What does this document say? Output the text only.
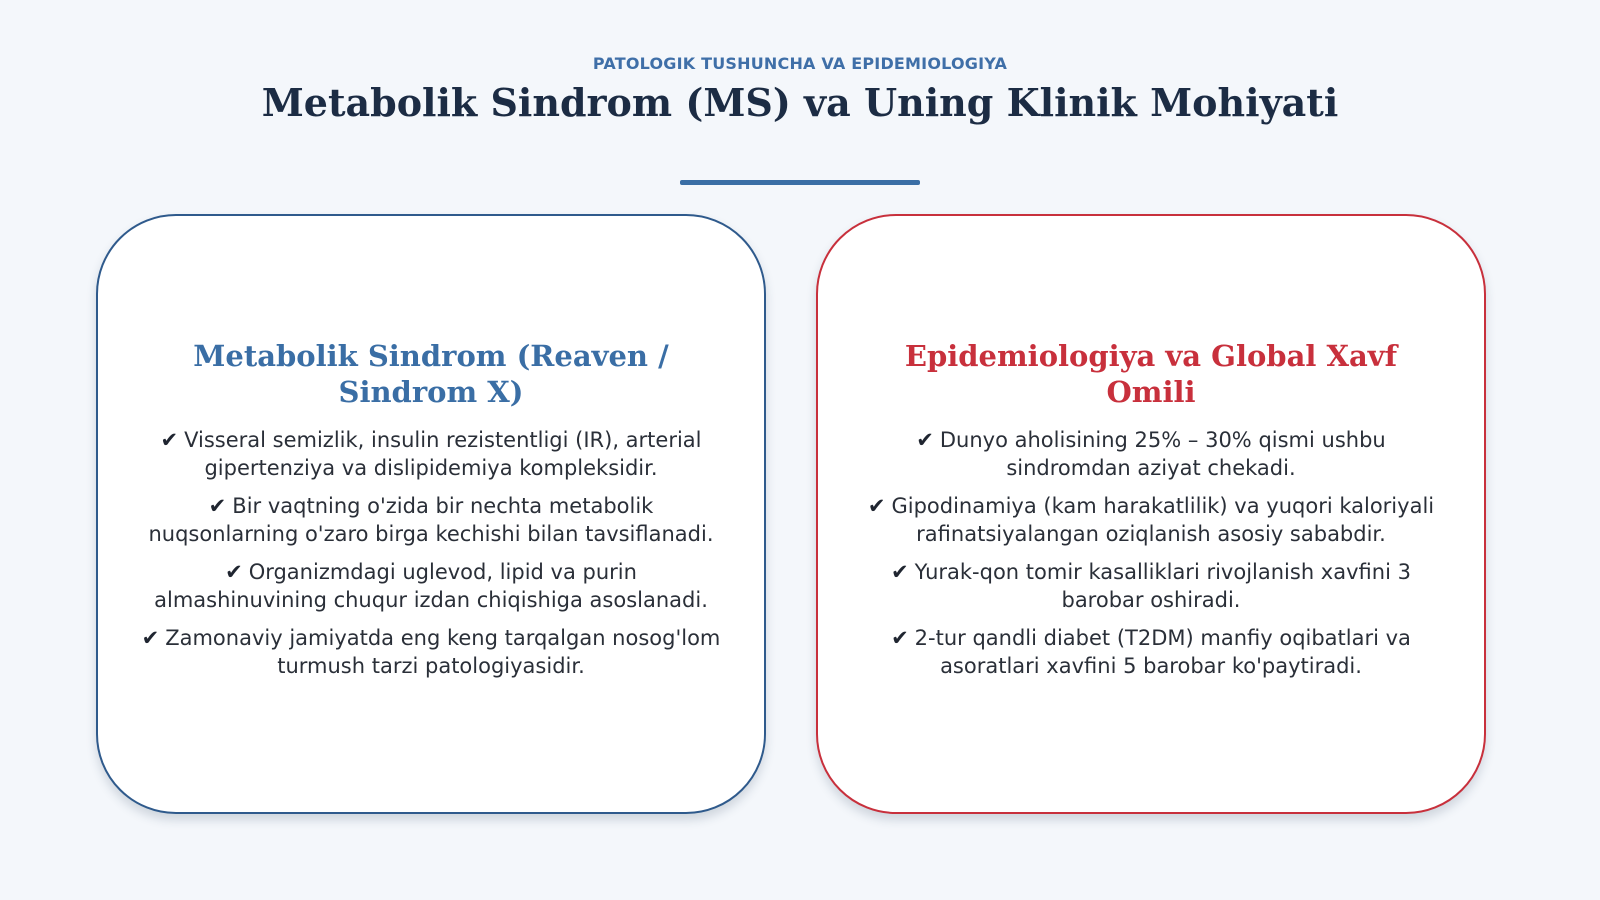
PATOLOGIK TUSHUNCHA VA EPIDEMIOLOGIYA
Metabolik Sindrom (MS) va Uning Klinik Mohiyati
Metabolik Sindrom (Reaven / Sindrom X)
✔ Visseral semizlik, insulin rezistentligi (IR), arterial gipertenziya va dislipidemiya kompleksidir.
✔ Bir vaqtning o'zida bir nechta metabolik nuqsonlarning o'zaro birga kechishi bilan tavsiflanadi.
✔ Organizmdagi uglevod, lipid va purin almashinuvining chuqur izdan chiqishiga asoslanadi.
✔ Zamonaviy jamiyatda eng keng tarqalgan nosog'lom turmush tarzi patologiyasidir.
Epidemiologiya va Global Xavf Omili
✔ Dunyo aholisining 25% – 30% qismi ushbu sindromdan aziyat chekadi.
✔ Gipodinamiya (kam harakatlilik) va yuqori kaloriyali rafinatsiyalangan oziqlanish asosiy sababdir.
✔ Yurak-qon tomir kasalliklari rivojlanish xavfini 3 barobar oshiradi.
✔ 2-tur qandli diabet (T2DM) manfiy oqibatlari va asoratlari xavfini 5 barobar ko'paytiradi.
